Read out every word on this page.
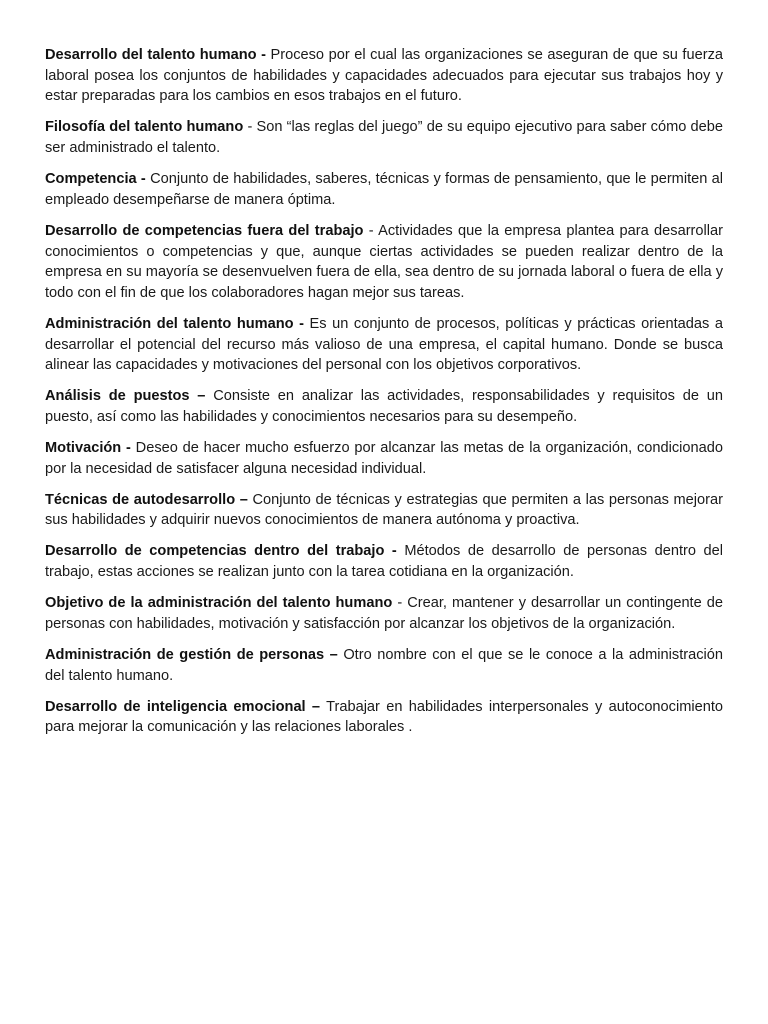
Desarrollo del talento humano - Proceso por el cual las organizaciones se aseguran de que su fuerza laboral posea los conjuntos de habilidades y capacidades adecuados para ejecutar sus trabajos hoy y estar preparadas para los cambios en esos trabajos en el futuro.

Filosofía del talento humano - Son “las reglas del juego” de su equipo ejecutivo para saber cómo debe ser administrado el talento.

Competencia - Conjunto de habilidades, saberes, técnicas y formas de pensamiento, que le permiten al empleado desempeñarse de manera óptima.

Desarrollo de competencias fuera del trabajo - Actividades que la empresa plantea para desarrollar conocimientos o competencias y que, aunque ciertas actividades se pueden realizar dentro de la empresa en su mayoría se desenvuelven fuera de ella, sea dentro de su jornada laboral o fuera de ella y todo con el fin de que los colaboradores hagan mejor sus tareas.

Administración del talento humano - Es un conjunto de procesos, políticas y prácticas orientadas a desarrollar el potencial del recurso más valioso de una empresa, el capital humano. Donde se busca alinear las capacidades y motivaciones del personal con los objetivos corporativos.

Análisis de puestos – Consiste en analizar las actividades, responsabilidades y requisitos de un puesto, así como las habilidades y conocimientos necesarios para su desempeño.

Motivación - Deseo de hacer mucho esfuerzo por alcanzar las metas de la organización, condicionado por la necesidad de satisfacer alguna necesidad individual.

Técnicas de autodesarrollo – Conjunto de técnicas y estrategias que permiten a las personas mejorar sus habilidades y adquirir nuevos conocimientos de manera autónoma y proactiva.

Desarrollo de competencias dentro del trabajo - Métodos de desarrollo de personas dentro del trabajo, estas acciones se realizan junto con la tarea cotidiana en la organización.

Objetivo de la administración del talento humano - Crear, mantener y desarrollar un contingente de personas con habilidades, motivación y satisfacción por alcanzar los objetivos de la organización.

Administración de gestión de personas – Otro nombre con el que se le conoce a la administración del talento humano.

Desarrollo de inteligencia emocional – Trabajar en habilidades interpersonales y autoconocimiento para mejorar la comunicación y las relaciones laborales .
